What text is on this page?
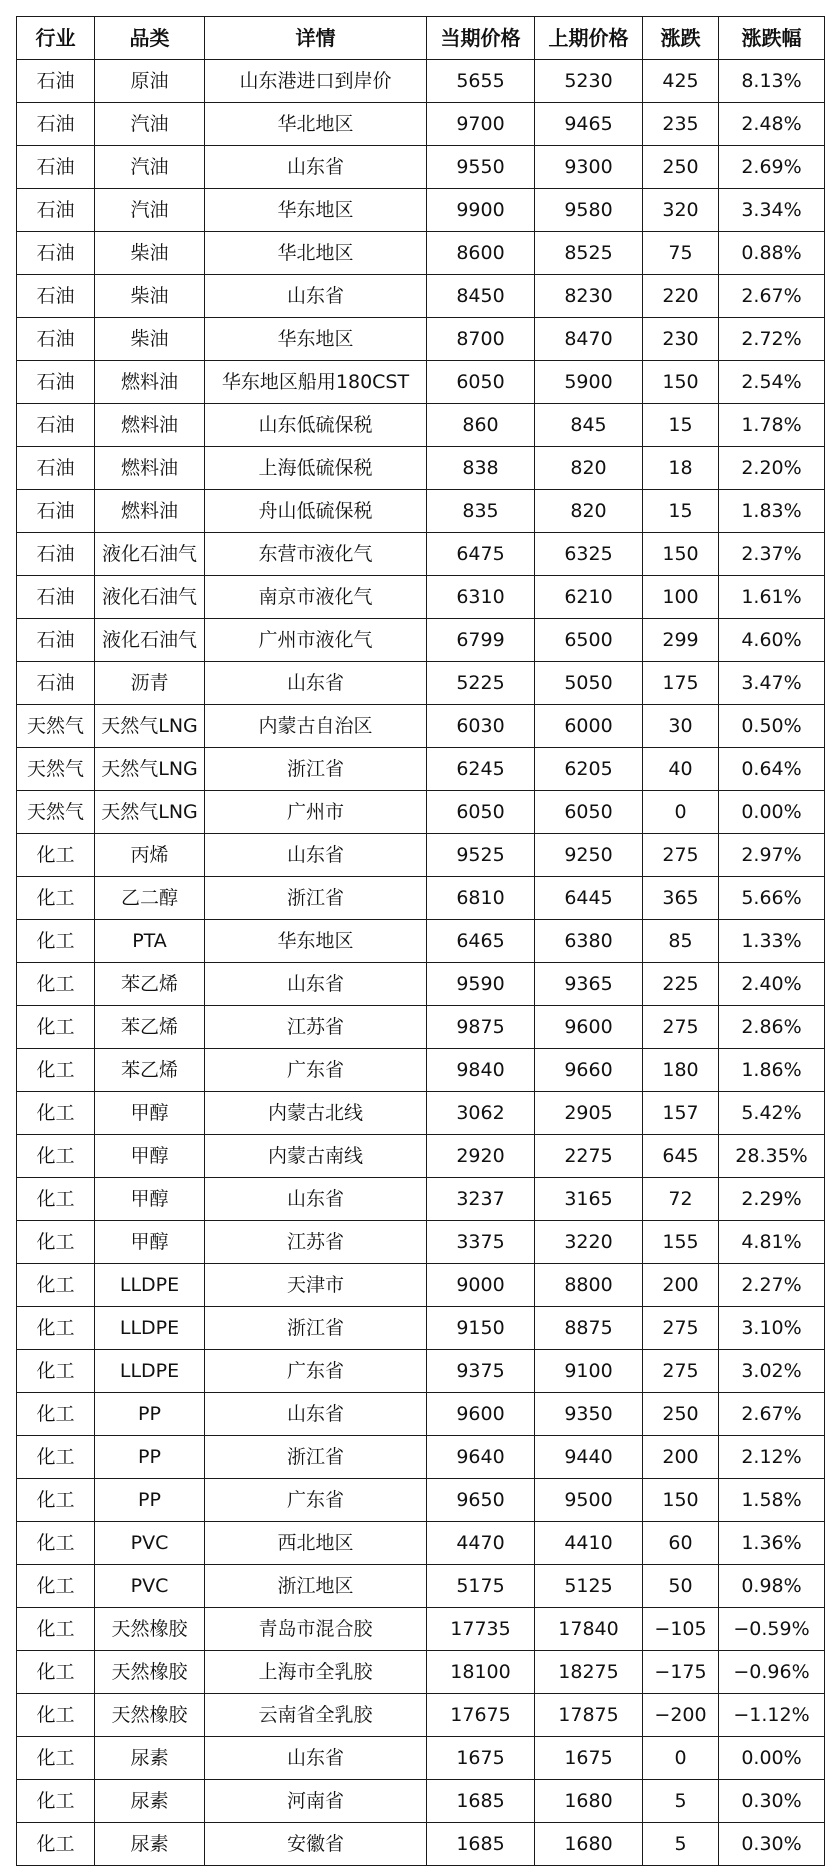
行业	品类	详情	当期价格	上期价格	涨跌	涨跌幅
石油	原油	山东港进口到岸价	5655	5230	425	8.13%
石油	汽油	华北地区	9700	9465	235	2.48%
石油	汽油	山东省	9550	9300	250	2.69%
石油	汽油	华东地区	9900	9580	320	3.34%
石油	柴油	华北地区	8600	8525	75	0.88%
石油	柴油	山东省	8450	8230	220	2.67%
石油	柴油	华东地区	8700	8470	230	2.72%
石油	燃料油	华东地区船用180CST	6050	5900	150	2.54%
石油	燃料油	山东低硫保税	860	845	15	1.78%
石油	燃料油	上海低硫保税	838	820	18	2.20%
石油	燃料油	舟山低硫保税	835	820	15	1.83%
石油	液化石油气	东营市液化气	6475	6325	150	2.37%
石油	液化石油气	南京市液化气	6310	6210	100	1.61%
石油	液化石油气	广州市液化气	6799	6500	299	4.60%
石油	沥青	山东省	5225	5050	175	3.47%
天然气	天然气LNG	内蒙古自治区	6030	6000	30	0.50%
天然气	天然气LNG	浙江省	6245	6205	40	0.64%
天然气	天然气LNG	广州市	6050	6050	0	0.00%
化工	丙烯	山东省	9525	9250	275	2.97%
化工	乙二醇	浙江省	6810	6445	365	5.66%
化工	PTA	华东地区	6465	6380	85	1.33%
化工	苯乙烯	山东省	9590	9365	225	2.40%
化工	苯乙烯	江苏省	9875	9600	275	2.86%
化工	苯乙烯	广东省	9840	9660	180	1.86%
化工	甲醇	内蒙古北线	3062	2905	157	5.42%
化工	甲醇	内蒙古南线	2920	2275	645	28.35%
化工	甲醇	山东省	3237	3165	72	2.29%
化工	甲醇	江苏省	3375	3220	155	4.81%
化工	LLDPE	天津市	9000	8800	200	2.27%
化工	LLDPE	浙江省	9150	8875	275	3.10%
化工	LLDPE	广东省	9375	9100	275	3.02%
化工	PP	山东省	9600	9350	250	2.67%
化工	PP	浙江省	9640	9440	200	2.12%
化工	PP	广东省	9650	9500	150	1.58%
化工	PVC	西北地区	4470	4410	60	1.36%
化工	PVC	浙江地区	5175	5125	50	0.98%
化工	天然橡胶	青岛市混合胶	17735	17840	−105	−0.59%
化工	天然橡胶	上海市全乳胶	18100	18275	−175	−0.96%
化工	天然橡胶	云南省全乳胶	17675	17875	−200	−1.12%
化工	尿素	山东省	1675	1675	0	0.00%
化工	尿素	河南省	1685	1680	5	0.30%
化工	尿素	安徽省	1685	1680	5	0.30%
